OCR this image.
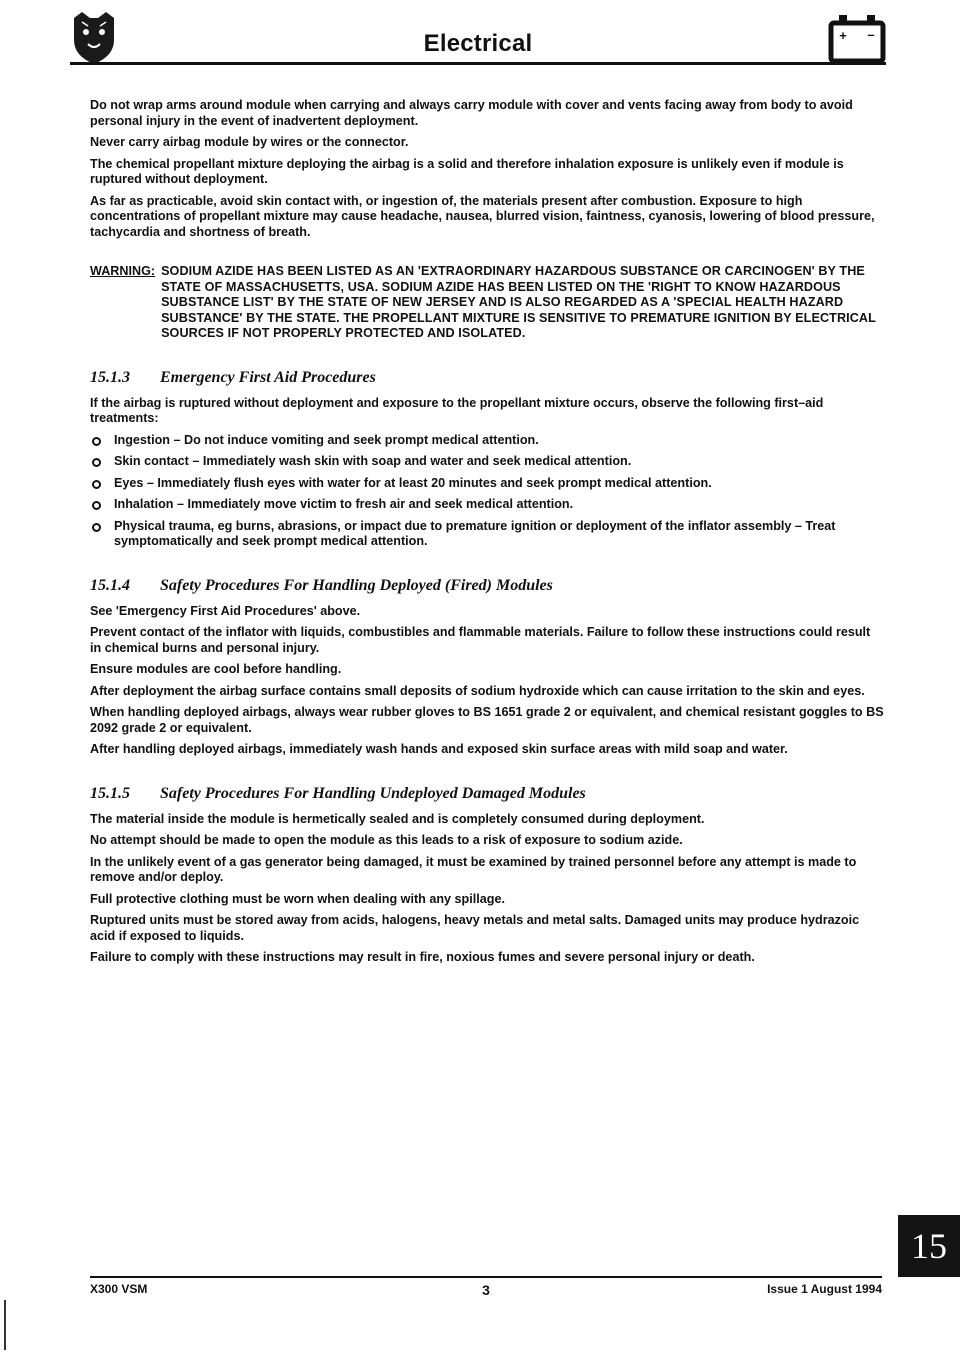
Electrical	+ –

Do not wrap arms around module when carrying and always carry module with cover and vents facing away from body to avoid personal injury in the event of inadvertent deployment.

Never carry airbag module by wires or the connector.

The chemical propellant mixture deploying the airbag is a solid and therefore inhalation exposure is unlikely even if module is ruptured without deployment.

As far as practicable, avoid skin contact with, or ingestion of, the materials present after combustion. Exposure to high concentrations of propellant mixture may cause headache, nausea, blurred vision, faintness, cyanosis, lowering of blood pressure, tachycardia and shortness of breath.

WARNING: SODIUM AZIDE HAS BEEN LISTED AS AN 'EXTRAORDINARY HAZARDOUS SUBSTANCE OR CARCINOGEN' BY THE STATE OF MASSACHUSETTS, USA. SODIUM AZIDE HAS BEEN LISTED ON THE 'RIGHT TO KNOW HAZARDOUS SUBSTANCE LIST' BY THE STATE OF NEW JERSEY AND IS ALSO REGARDED AS A 'SPECIAL HEALTH HAZARD SUBSTANCE' BY THE STATE. THE PROPELLANT MIXTURE IS SENSITIVE TO PREMATURE IGNITION BY ELECTRICAL SOURCES IF NOT PROPERLY PROTECTED AND ISOLATED.
15.1.3	Emergency First Aid Procedures

If the airbag is ruptured without deployment and exposure to the propellant mixture occurs, observe the following first–aid treatments:

Ingestion – Do not induce vomiting and seek prompt medical attention.
Skin contact – Immediately wash skin with soap and water and seek medical attention.
Eyes – Immediately flush eyes with water for at least 20 minutes and seek prompt medical attention.
Inhalation – Immediately move victim to fresh air and seek medical attention.
Physical trauma, eg burns, abrasions, or impact due to premature ignition or deployment of the inflator assembly – Treat symptomatically and seek prompt medical attention.
15.1.4	Safety Procedures For Handling Deployed (Fired) Modules

See 'Emergency First Aid Procedures' above.

Prevent contact of the inflator with liquids, combustibles and flammable materials. Failure to follow these instructions could result in chemical burns and personal injury.

Ensure modules are cool before handling.

After deployment the airbag surface contains small deposits of sodium hydroxide which can cause irritation to the skin and eyes.

When handling deployed airbags, always wear rubber gloves to BS 1651 grade 2 or equivalent, and chemical resistant goggles to BS 2092 grade 2 or equivalent.

After handling deployed airbags, immediately wash hands and exposed skin surface areas with mild soap and water.

15.1.5	Safety Procedures For Handling Undeployed Damaged Modules

The material inside the module is hermetically sealed and is completely consumed during deployment.

No attempt should be made to open the module as this leads to a risk of exposure to sodium azide.

In the unlikely event of a gas generator being damaged, it must be examined by trained personnel before any attempt is made to remove and/or deploy.

Full protective clothing must be worn when dealing with any spillage.

Ruptured units must be stored away from acids, halogens, heavy metals and metal salts. Damaged units may produce hydrazoic acid if exposed to liquids.

Failure to comply with these instructions may result in fire, noxious fumes and severe personal injury or death.

15
X300 VSM	3	Issue 1 August 1994
